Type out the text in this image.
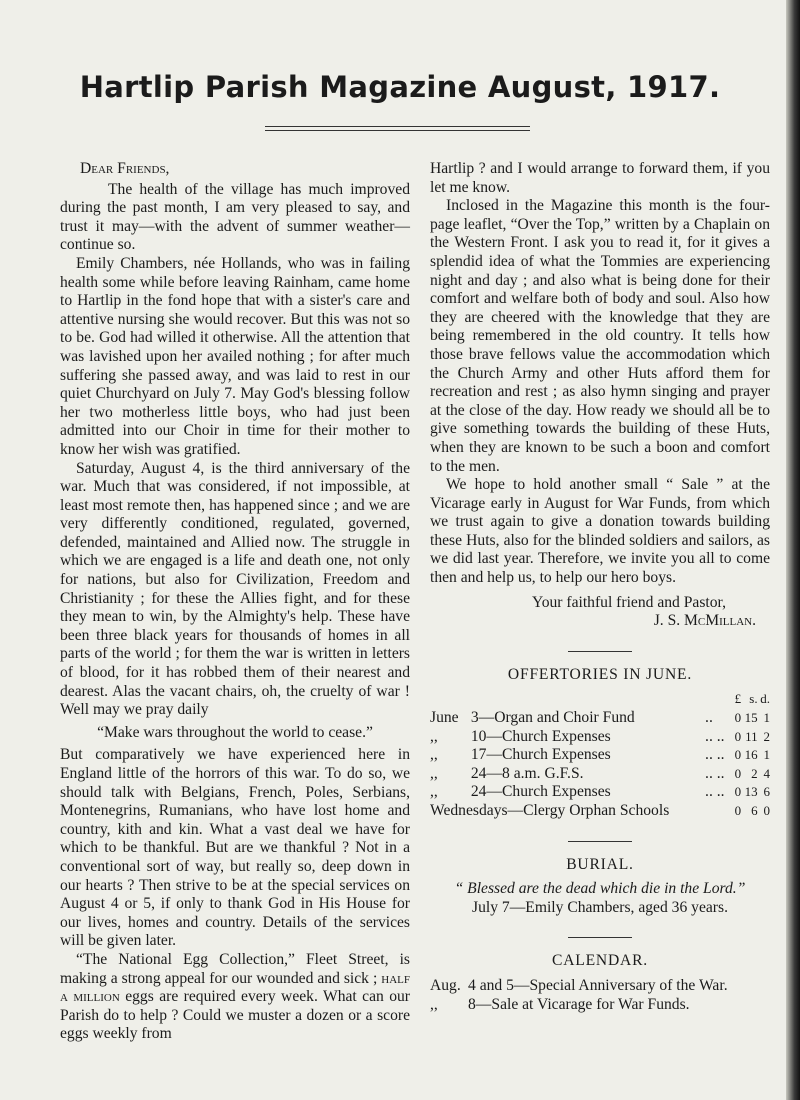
Hartlip Parish Magazine August, 1917.

Dear Friends,

The health of the village has much improved during the past month, I am very pleased to say, and trust it may—with the advent of summer weather—continue so.

Emily Chambers, née Hollands, who was in failing health some while before leaving Rainham, came home to Hartlip in the fond hope that with a sister's care and attentive nursing she would recover. But this was not so to be. God had willed it otherwise. All the attention that was lavished upon her availed nothing ; for after much suffering she passed away, and was laid to rest in our quiet Churchyard on July 7. May God's blessing follow her two motherless little boys, who had just been admitted into our Choir in time for their mother to know her wish was gratified.

Saturday, August 4, is the third anniversary of the war. Much that was considered, if not impossible, at least most remote then, has happened since ; and we are very differently conditioned, regulated, governed, defended, maintained and Allied now. The struggle in which we are engaged is a life and death one, not only for nations, but also for Civilization, Freedom and Christianity ; for these the Allies fight, and for these they mean to win, by the Almighty's help. These have been three black years for thousands of homes in all parts of the world ; for them the war is written in letters of blood, for it has robbed them of their nearest and dearest. Alas the vacant chairs, oh, the cruelty of war ! Well may we pray daily

“Make wars throughout the world to cease.”

But comparatively we have experienced here in England little of the horrors of this war. To do so, we should talk with Belgians, French, Poles, Serbians, Montenegrins, Rumanians, who have lost home and country, kith and kin. What a vast deal we have for which to be thankful. But are we thankful ? Not in a conventional sort of way, but really so, deep down in our hearts ? Then strive to be at the special services on August 4 or 5, if only to thank God in His House for our lives, homes and country. Details of the services will be given later.

“The National Egg Collection,” Fleet Street, is making a strong appeal for our wounded and sick ; half a million eggs are required every week. What can our Parish do to help ? Could we muster a dozen or a score eggs weekly from

Hartlip ? and I would arrange to forward them, if you let me know.

Inclosed in the Magazine this month is the four-page leaflet, “Over the Top,” written by a Chaplain on the Western Front. I ask you to read it, for it gives a splendid idea of what the Tommies are experiencing night and day ; and also what is being done for their comfort and welfare both of body and soul. Also how they are cheered with the knowledge that they are being remembered in the old country. It tells how those brave fellows value the accommodation which the Church Army and other Huts afford them for recreation and rest ; as also hymn singing and prayer at the close of the day. How ready we should all be to give something towards the building of these Huts, when they are known to be such a boon and comfort to the men.

We hope to hold another small “ Sale ” at the Vicarage early in August for War Funds, from which we trust again to give a donation towards building these Huts, also for the blinded soldiers and sailors, as we did last year. Therefore, we invite you all to come then and help us, to help our hero boys.

Your faithful friend and Pastor,

J. S. McMillan.

OFFERTORIES IN JUNE.

			£	s.	d.
June	3—Organ and Choir Fund	..	0	15	1
,,	10—Church Expenses	.. ..	0	11	2
,,	17—Church Expenses	.. ..	0	16	1
,,	24—8 a.m. G.F.S.	.. ..	0	2	4
,,	24—Church Expenses	.. ..	0	13	6
Wednesdays—Clergy Orphan Schools			0	6	0

BURIAL.

“ Blessed are the dead which die in the Lord.”

July 7—Emily Chambers, aged 36 years.

CALENDAR.

Aug. 4 and 5—Special Anniversary of the War.
,,	8—Sale at Vicarage for War Funds.
